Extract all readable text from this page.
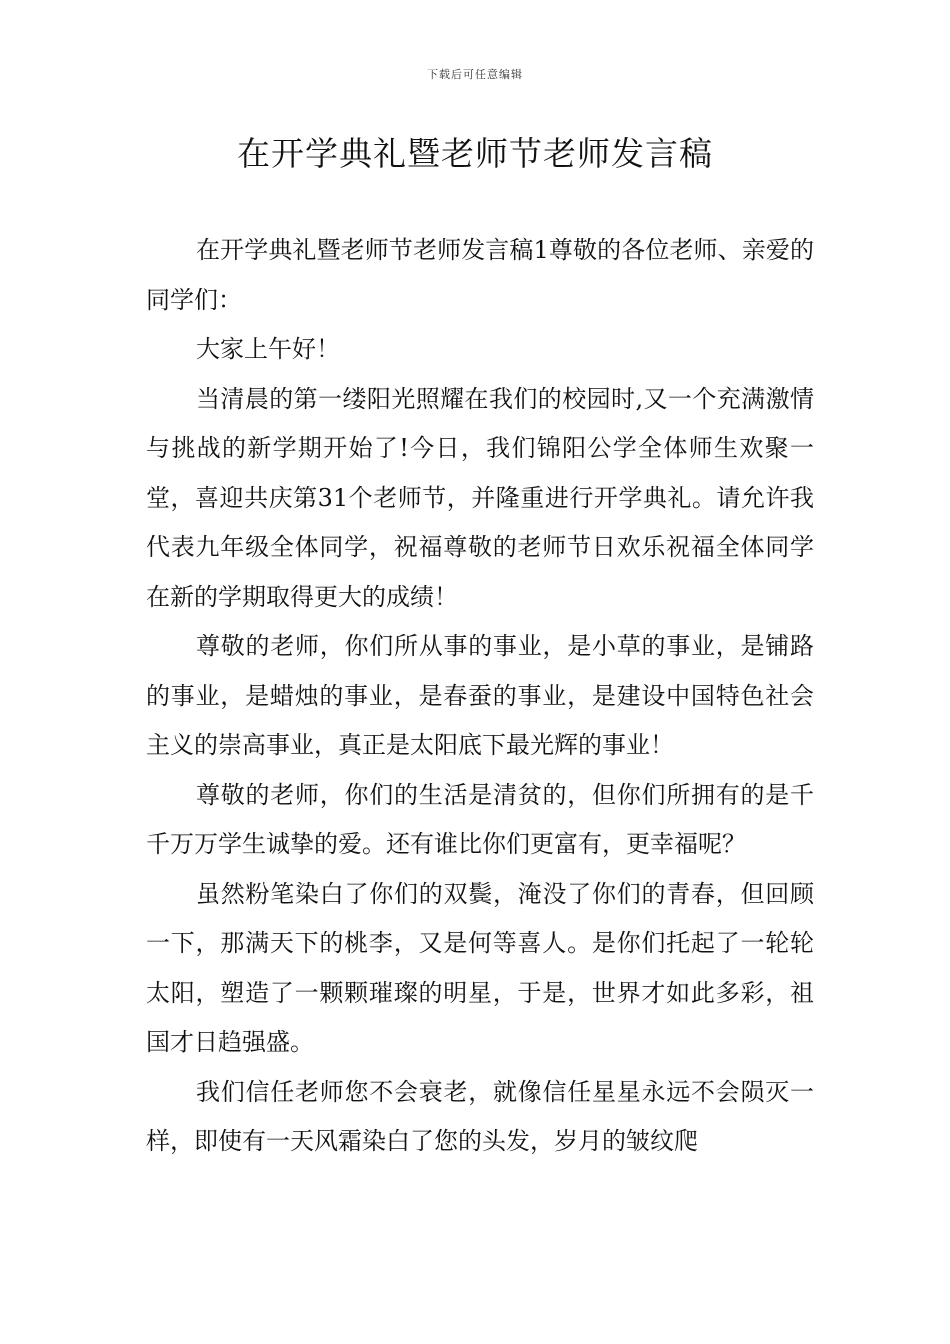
下载后可任意编辑
在开学典礼暨老师节老师发言稿

在开学典礼暨老师节老师发言稿1尊敬的各位老师、亲爱的同学们：

大家上午好！

当清晨的第一缕阳光照耀在我们的校园时,又一个充满激情与挑战的新学期开始了!今日，我们锦阳公学全体师生欢聚一堂，喜迎共庆第31个老师节，并隆重进行开学典礼。请允许我代表九年级全体同学，祝福尊敬的老师节日欢乐祝福全体同学在新的学期取得更大的成绩！

尊敬的老师，你们所从事的事业，是小草的事业，是铺路的事业，是蜡烛的事业，是春蚕的事业，是建设中国特色社会主义的崇高事业，真正是太阳底下最光辉的事业！

尊敬的老师，你们的生活是清贫的，但你们所拥有的是千千万万学生诚挚的爱。还有谁比你们更富有，更幸福呢？

虽然粉笔染白了你们的双鬓，淹没了你们的青春，但回顾一下，那满天下的桃李，又是何等喜人。是你们托起了一轮轮太阳，塑造了一颗颗璀璨的明星，于是，世界才如此多彩，祖国才日趋强盛。

我们信任老师您不会衰老，就像信任星星永远不会陨灭一样，即使有一天风霜染白了您的头发，岁月的皱纹爬
